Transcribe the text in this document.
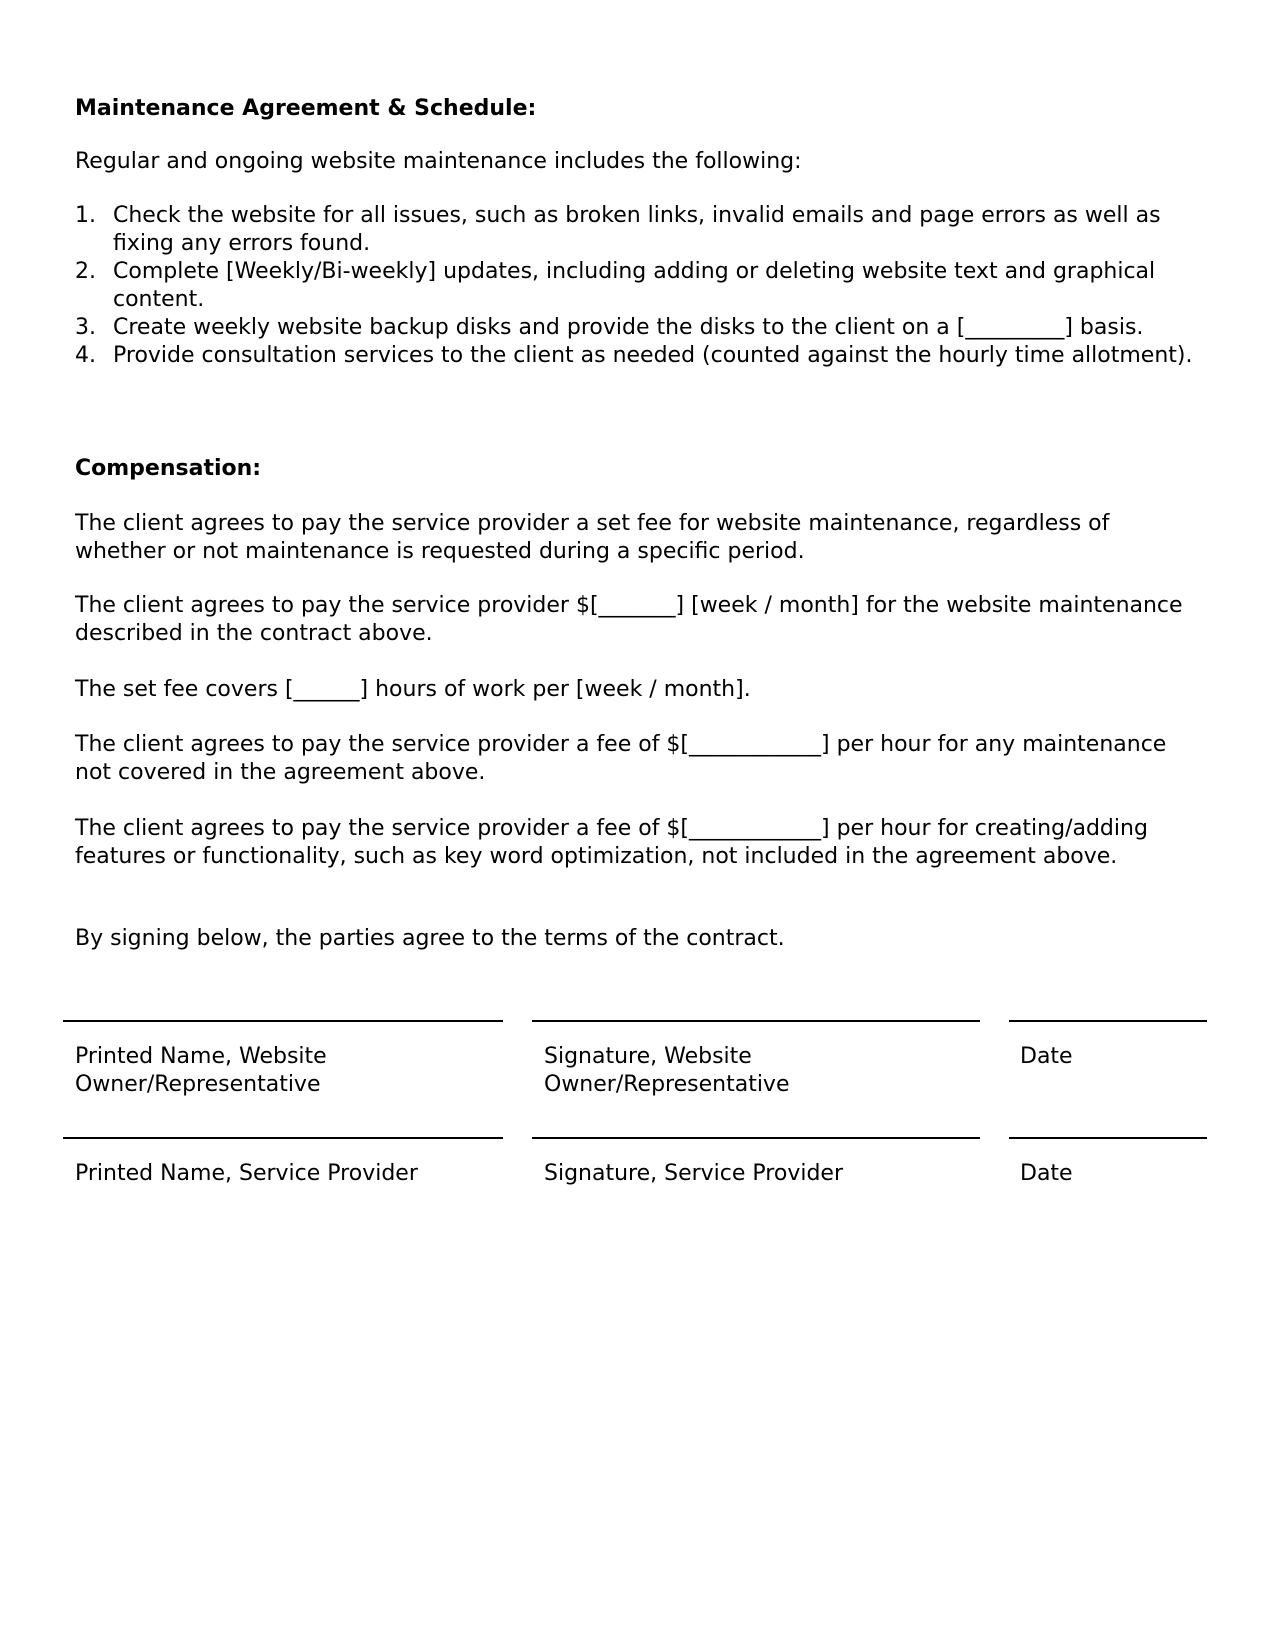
Maintenance Agreement & Schedule:
Regular and ongoing website maintenance includes the following:
1. Check the website for all issues, such as broken links, invalid emails and page errors as well as fixing any errors found.
2. Complete [Weekly/Bi-weekly] updates, including adding or deleting website text and graphical content.
3. Create weekly website backup disks and provide the disks to the client on a [_________] basis.
4. Provide consultation services to the client as needed (counted against the hourly time allotment).
Compensation:
The client agrees to pay the service provider a set fee for website maintenance, regardless of whether or not maintenance is requested during a specific period.
The client agrees to pay the service provider $[_______] [week / month] for the website maintenance described in the contract above.
The set fee covers [______] hours of work per [week / month].
The client agrees to pay the service provider a fee of $[____________] per hour for any maintenance not covered in the agreement above.
The client agrees to pay the service provider a fee of $[____________] per hour for creating/adding features or functionality, such as key word optimization, not included in the agreement above.
By signing below, the parties agree to the terms of the contract.
Printed Name, Website Owner/Representative
Signature, Website Owner/Representative
Date
Printed Name, Service Provider	Signature, Service Provider	Date
